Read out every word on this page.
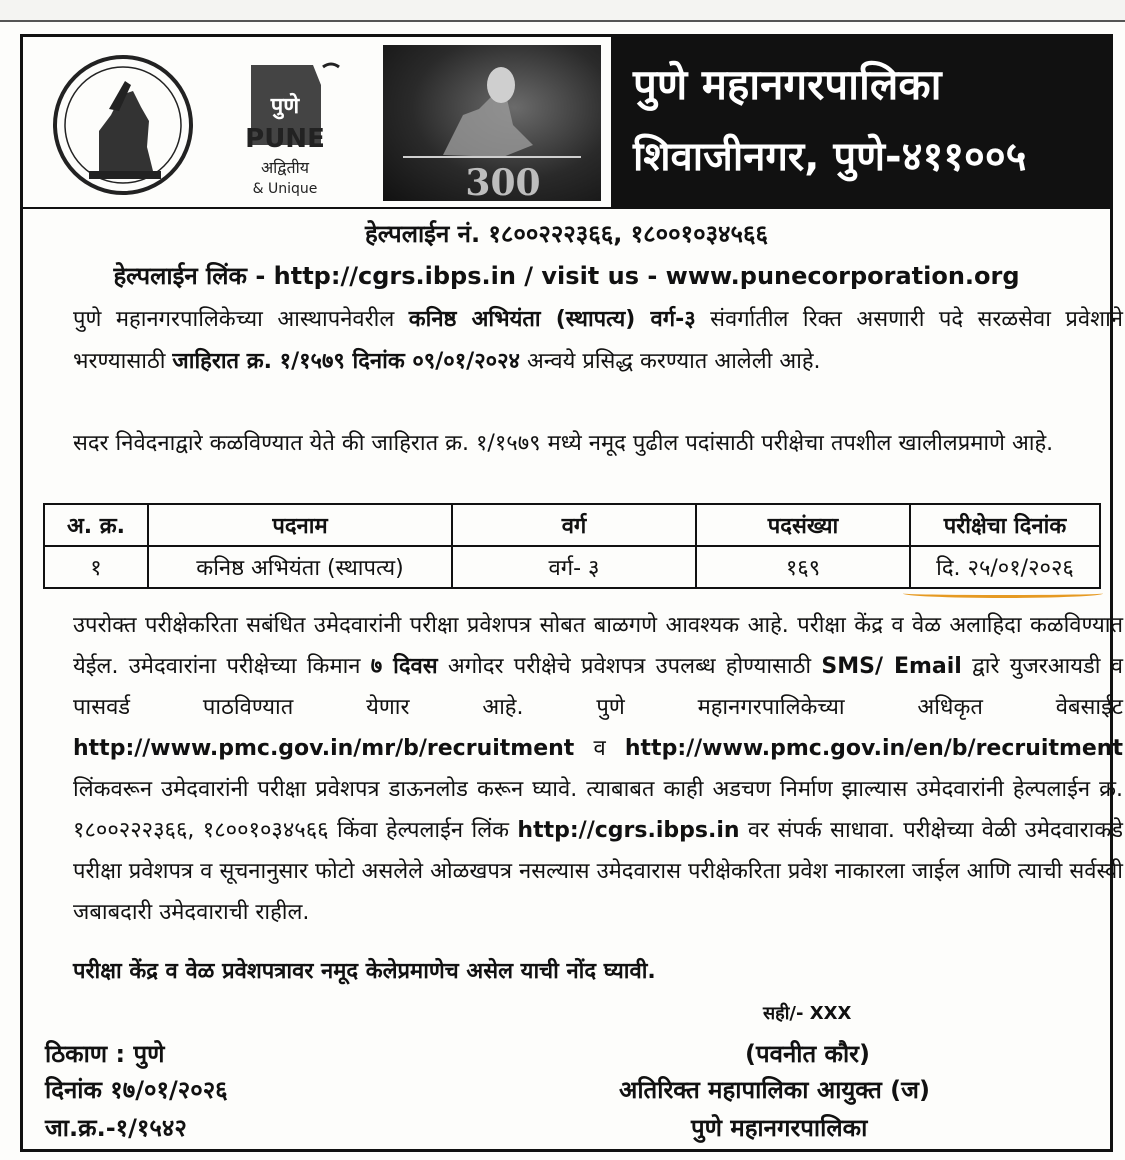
पुणे
PUNE
अद्वितीय
& Unique	300
पुणे महानगरपालिका
शिवाजीनगर, पुणे-४११००५
हेल्पलाईन नं. १८००२२२३६६, १८००१०३४५६६
हेल्पलाईन लिंक - http://cgrs.ibps.in / visit us - www.punecorporation.org
पुणे महानगरपालिकेच्या आस्थापनेवरील कनिष्ठ अभियंता (स्थापत्य) वर्ग-३ संवर्गातील रिक्त असणारी पदे सरळसेवा प्रवेशाने भरण्यासाठी जाहिरात क्र. १/१५७९ दिनांक ०९/०१/२०२४ अन्वये प्रसिद्ध करण्यात आलेली आहे.
सदर निवेदनाद्वारे कळविण्यात येते की जाहिरात क्र. १/१५७९ मध्ये नमूद पुढील पदांसाठी परीक्षेचा तपशील खालीलप्रमाणे आहे.
अ. क्र.	पदनाम	वर्ग	पदसंख्या	परीक्षेचा दिनांक
१	कनिष्ठ अभियंता (स्थापत्य)	वर्ग- ३	१६९	दि. २५/०१/२०२६
उपरोक्त परीक्षेकरिता सबंधित उमेदवारांनी परीक्षा प्रवेशपत्र सोबत बाळगणे आवश्यक आहे. परीक्षा केंद्र व वेळ अलाहिदा कळविण्यात येईल. उमेदवारांना परीक्षेच्या किमान ७ दिवस अगोदर परीक्षेचे प्रवेशपत्र उपलब्ध होण्यासाठी SMS/ Email द्वारे युजरआयडी व पासवर्ड पाठविण्यात येणार आहे. पुणे महानगरपालिकेच्या अधिकृत वेबसाईट http://www.pmc.gov.in/mr/b/recruitment व http://www.pmc.gov.in/en/b/recruitment लिंकवरून उमेदवारांनी परीक्षा प्रवेशपत्र डाऊनलोड करून घ्यावे. त्याबाबत काही अडचण निर्माण झाल्यास उमेदवारांनी हेल्पलाईन क्र. १८००२२२३६६, १८००१०३४५६६ किंवा हेल्पलाईन लिंक http://cgrs.ibps.in वर संपर्क साधावा. परीक्षेच्या वेळी उमेदवाराकडे परीक्षा प्रवेशपत्र व सूचनानुसार फोटो असलेले ओळखपत्र नसल्यास उमेदवारास परीक्षेकरिता प्रवेश नाकारला जाईल आणि त्याची सर्वस्वी जबाबदारी उमेदवाराची राहील.
परीक्षा केंद्र व वेळ प्रवेशपत्रावर नमूद केलेप्रमाणेच असेल याची नोंद घ्यावी.
सही/- XXX
ठिकाण : पुणे
दिनांक १७/०१/२०२६
जा.क्र.-१/१५४२
(पवनीत कौर)
अतिरिक्त महापालिका आयुक्त (ज)
पुणे महानगरपालिका
